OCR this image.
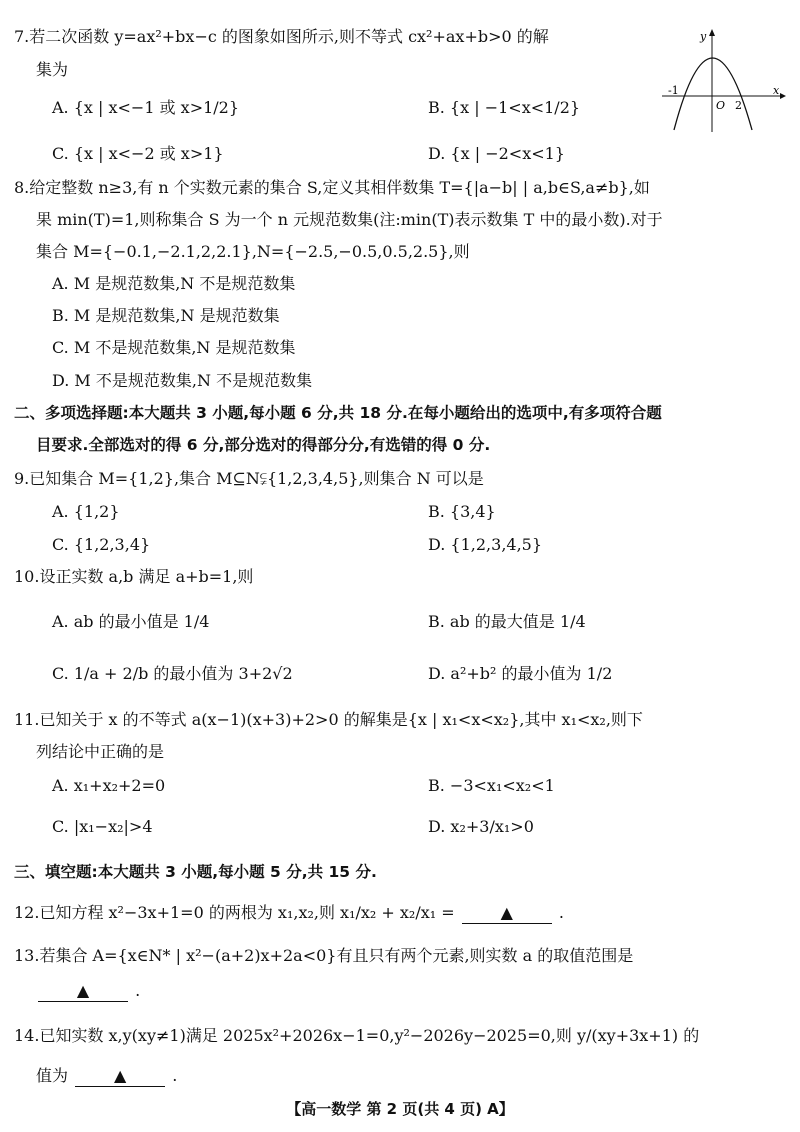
7.若二次函数 y=ax²+bx−c 的图象如图所示,则不等式 cx²+ax+b>0 的解
集为
A. {x | x<−1 或 x>1/2}	B. {x | −1<x<1/2}
C. {x | x<−2 或 x>1}	D. {x | −2<x<1}
y
x
O
-1
2
8.给定整数 n≥3,有 n 个实数元素的集合 S,定义其相伴数集 T={|a−b| | a,b∈S,a≠b},如
果 min(T)=1,则称集合 S 为一个 n 元规范数集(注:min(T)表示数集 T 中的最小数).对于
集合 M={−0.1,−2.1,2,2.1},N={−2.5,−0.5,0.5,2.5},则
A. M 是规范数集,N 不是规范数集
B. M 是规范数集,N 是规范数集
C. M 不是规范数集,N 是规范数集
D. M 不是规范数集,N 不是规范数集
二、多项选择题:本大题共 3 小题,每小题 6 分,共 18 分.在每小题给出的选项中,有多项符合题
目要求.全部选对的得 6 分,部分选对的得部分分,有选错的得 0 分.
9.已知集合 M={1,2},集合 M⊆N⫋{1,2,3,4,5},则集合 N 可以是
A. {1,2}	B. {3,4}
C. {1,2,3,4}	D. {1,2,3,4,5}
10.设正实数 a,b 满足 a+b=1,则
A. ab 的最小值是 1/4	B. ab 的最大值是 1/4
C. 1/a + 2/b 的最小值为 3+2√2	D. a²+b² 的最小值为 1/2
11.已知关于 x 的不等式 a(x−1)(x+3)+2>0 的解集是{x | x₁<x<x₂},其中 x₁<x₂,则下
列结论中正确的是
A. x₁+x₂+2=0	B. −3<x₁<x₂<1
C. |x₁−x₂|>4	D. x₂+3/x₁>0
三、填空题:本大题共 3 小题,每小题 5 分,共 15 分.
12.已知方程 x²−3x+1=0 的两根为 x₁,x₂,则 x₁/x₂ + x₂/x₁ =	▲	.
13.若集合 A={x∈N* | x²−(a+2)x+2a<0}有且只有两个元素,则实数 a 的取值范围是
▲	.
14.已知实数 x,y(xy≠1)满足 2025x²+2026x−1=0,y²−2026y−2025=0,则 y/(xy+3x+1) 的
值为	▲	.
【高一数学 第 2 页(共 4 页) A】
